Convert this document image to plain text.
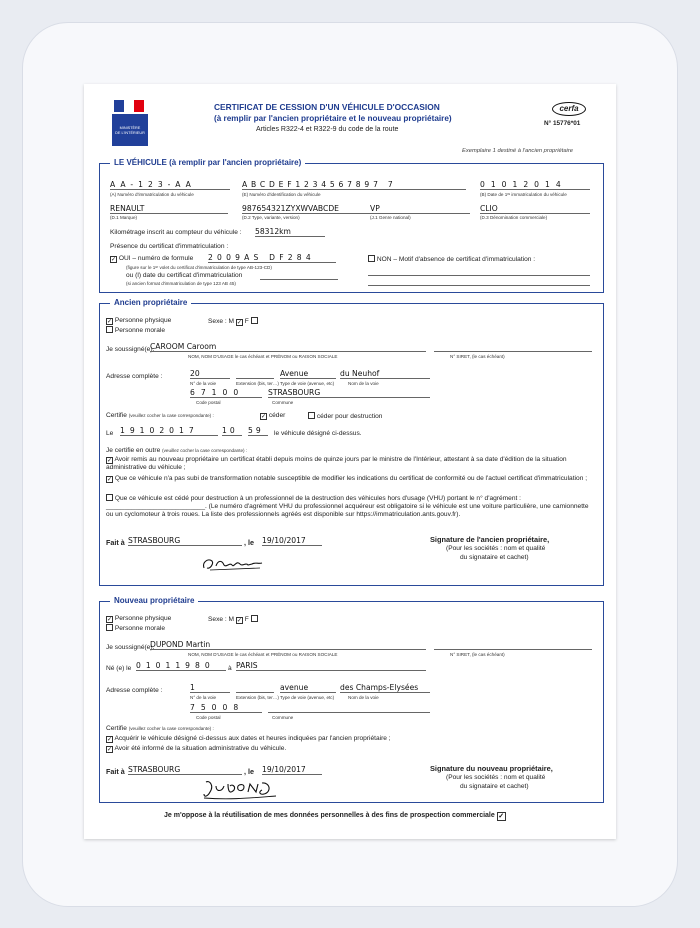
MINISTÈRE
DE L'INTÉRIEUR
CERTIFICAT DE CESSION D'UN VÉHICULE D'OCCASION
(à remplir par l'ancien propriétaire et le nouveau propriétaire)
Articles R322-4 et R322-9 du code de la route
cerfa
N° 15776*01
Exemplaire 1 destiné à l'ancien propriétaire
LE VÉHICULE (à remplir par l'ancien propriétaire)
AA-123-AA
(A) Numéro d'immatriculation du véhicule
ABCDEF1234567897 7
(E) Numéro d'identification du véhicule
01012014
(B) Date de 1ʳᵉ immatriculation du véhicule
RENAULT
(D.1 Marque)
987654321ZYXWVABCDE
(D.2 Type, variante, version)
VP
(J.1 Genre national)
CLIO
(D.3 Dénomination commerciale)
Kilométrage inscrit au compteur du véhicule : 58312km
Présence du certificat d'immatriculation :
✓ OUI – numéro de formule 2009AS DF284
(figure sur le 1ᵉʳ volet du certificat d'immatriculation de type AB-123-CD)
ou (l) date du certificat d'immatriculation
(si ancien format d'immatriculation de type 123 AB 45)
NON – Motif d'absence de certificat d'immatriculation :
Ancien propriétaire
✓ Personne physique	Sexe : M ✓ F
Personne morale
Je soussigné(e),
CAROOM Caroom
NOM, NOM D'USAGE le cas échéant et PRÉNOM ou RAISON SOCIALE	N° SIRET, (le cas échéant)
Adresse complète :	20	Avenue	du Neuhof
N° de la voie	Extension (bis, ter…) Type de voie (avenue, etc)	Nom de la voie
67100	STRASBOURG
Code postal	Commune
Certifie (veuillez cocher la case correspondante) :	✓ céder	céder pour destruction
Le 19102017	10	59	le véhicule désigné ci-dessus.
Je certifie en outre (veuillez cocher la case correspondante) :
✓ Avoir remis au nouveau propriétaire un certificat établi depuis moins de quinze jours par le ministre de l'Intérieur, attestant à sa date d'édition de la situation administrative du véhicule ;
✓ Que ce véhicule n'a pas subi de transformation notable susceptible de modifier les indications du certificat de conformité ou de l'actuel certificat d'immatriculation ;
Que ce véhicule est cédé pour destruction à un professionnel de la destruction des véhicules hors d'usage (VHU) portant le n° d'agrément : ___________________________. (Le numéro d'agrément VHU du professionnel acquéreur est obligatoire si le véhicule est une voiture particulière, une camionnette ou un cyclomoteur à trois roues. La liste des professionnels agréés est disponible sur https://immatriculation.ants.gouv.fr).
Fait à STRASBOURG	, le 19/10/2017	Signature de l'ancien propriétaire,
(Pour les sociétés : nom et qualité
du signataire et cachet)
Nouveau propriétaire
✓ Personne physique	Sexe : M ✓ F
Personne morale
Je soussigné(e),
DUPOND Martin
NOM, NOM D'USAGE le cas échéant et PRÉNOM ou RAISON SOCIALE	N° SIRET, (le cas échéant)
Né (e) le 01011980	à PARIS
Adresse complète :	1	avenue	des Champs-Elysées
N° de la voie	Extension (bis, ter…) Type de voie (avenue, etc)	Nom de la voie
75008
Code postal	Commune
Certifie (veuillez cocher la case correspondante) :
✓ Acquérir le véhicule désigné ci-dessus aux dates et heures indiquées par l'ancien propriétaire ;
✓ Avoir été informé de la situation administrative du véhicule.
Fait à STRASBOURG	, le 19/10/2017	Signature du nouveau propriétaire,
(Pour les sociétés : nom et qualité
du signataire et cachet)
Je m'oppose à la réutilisation de mes données personnelles à des fins de prospection commerciale ✓
